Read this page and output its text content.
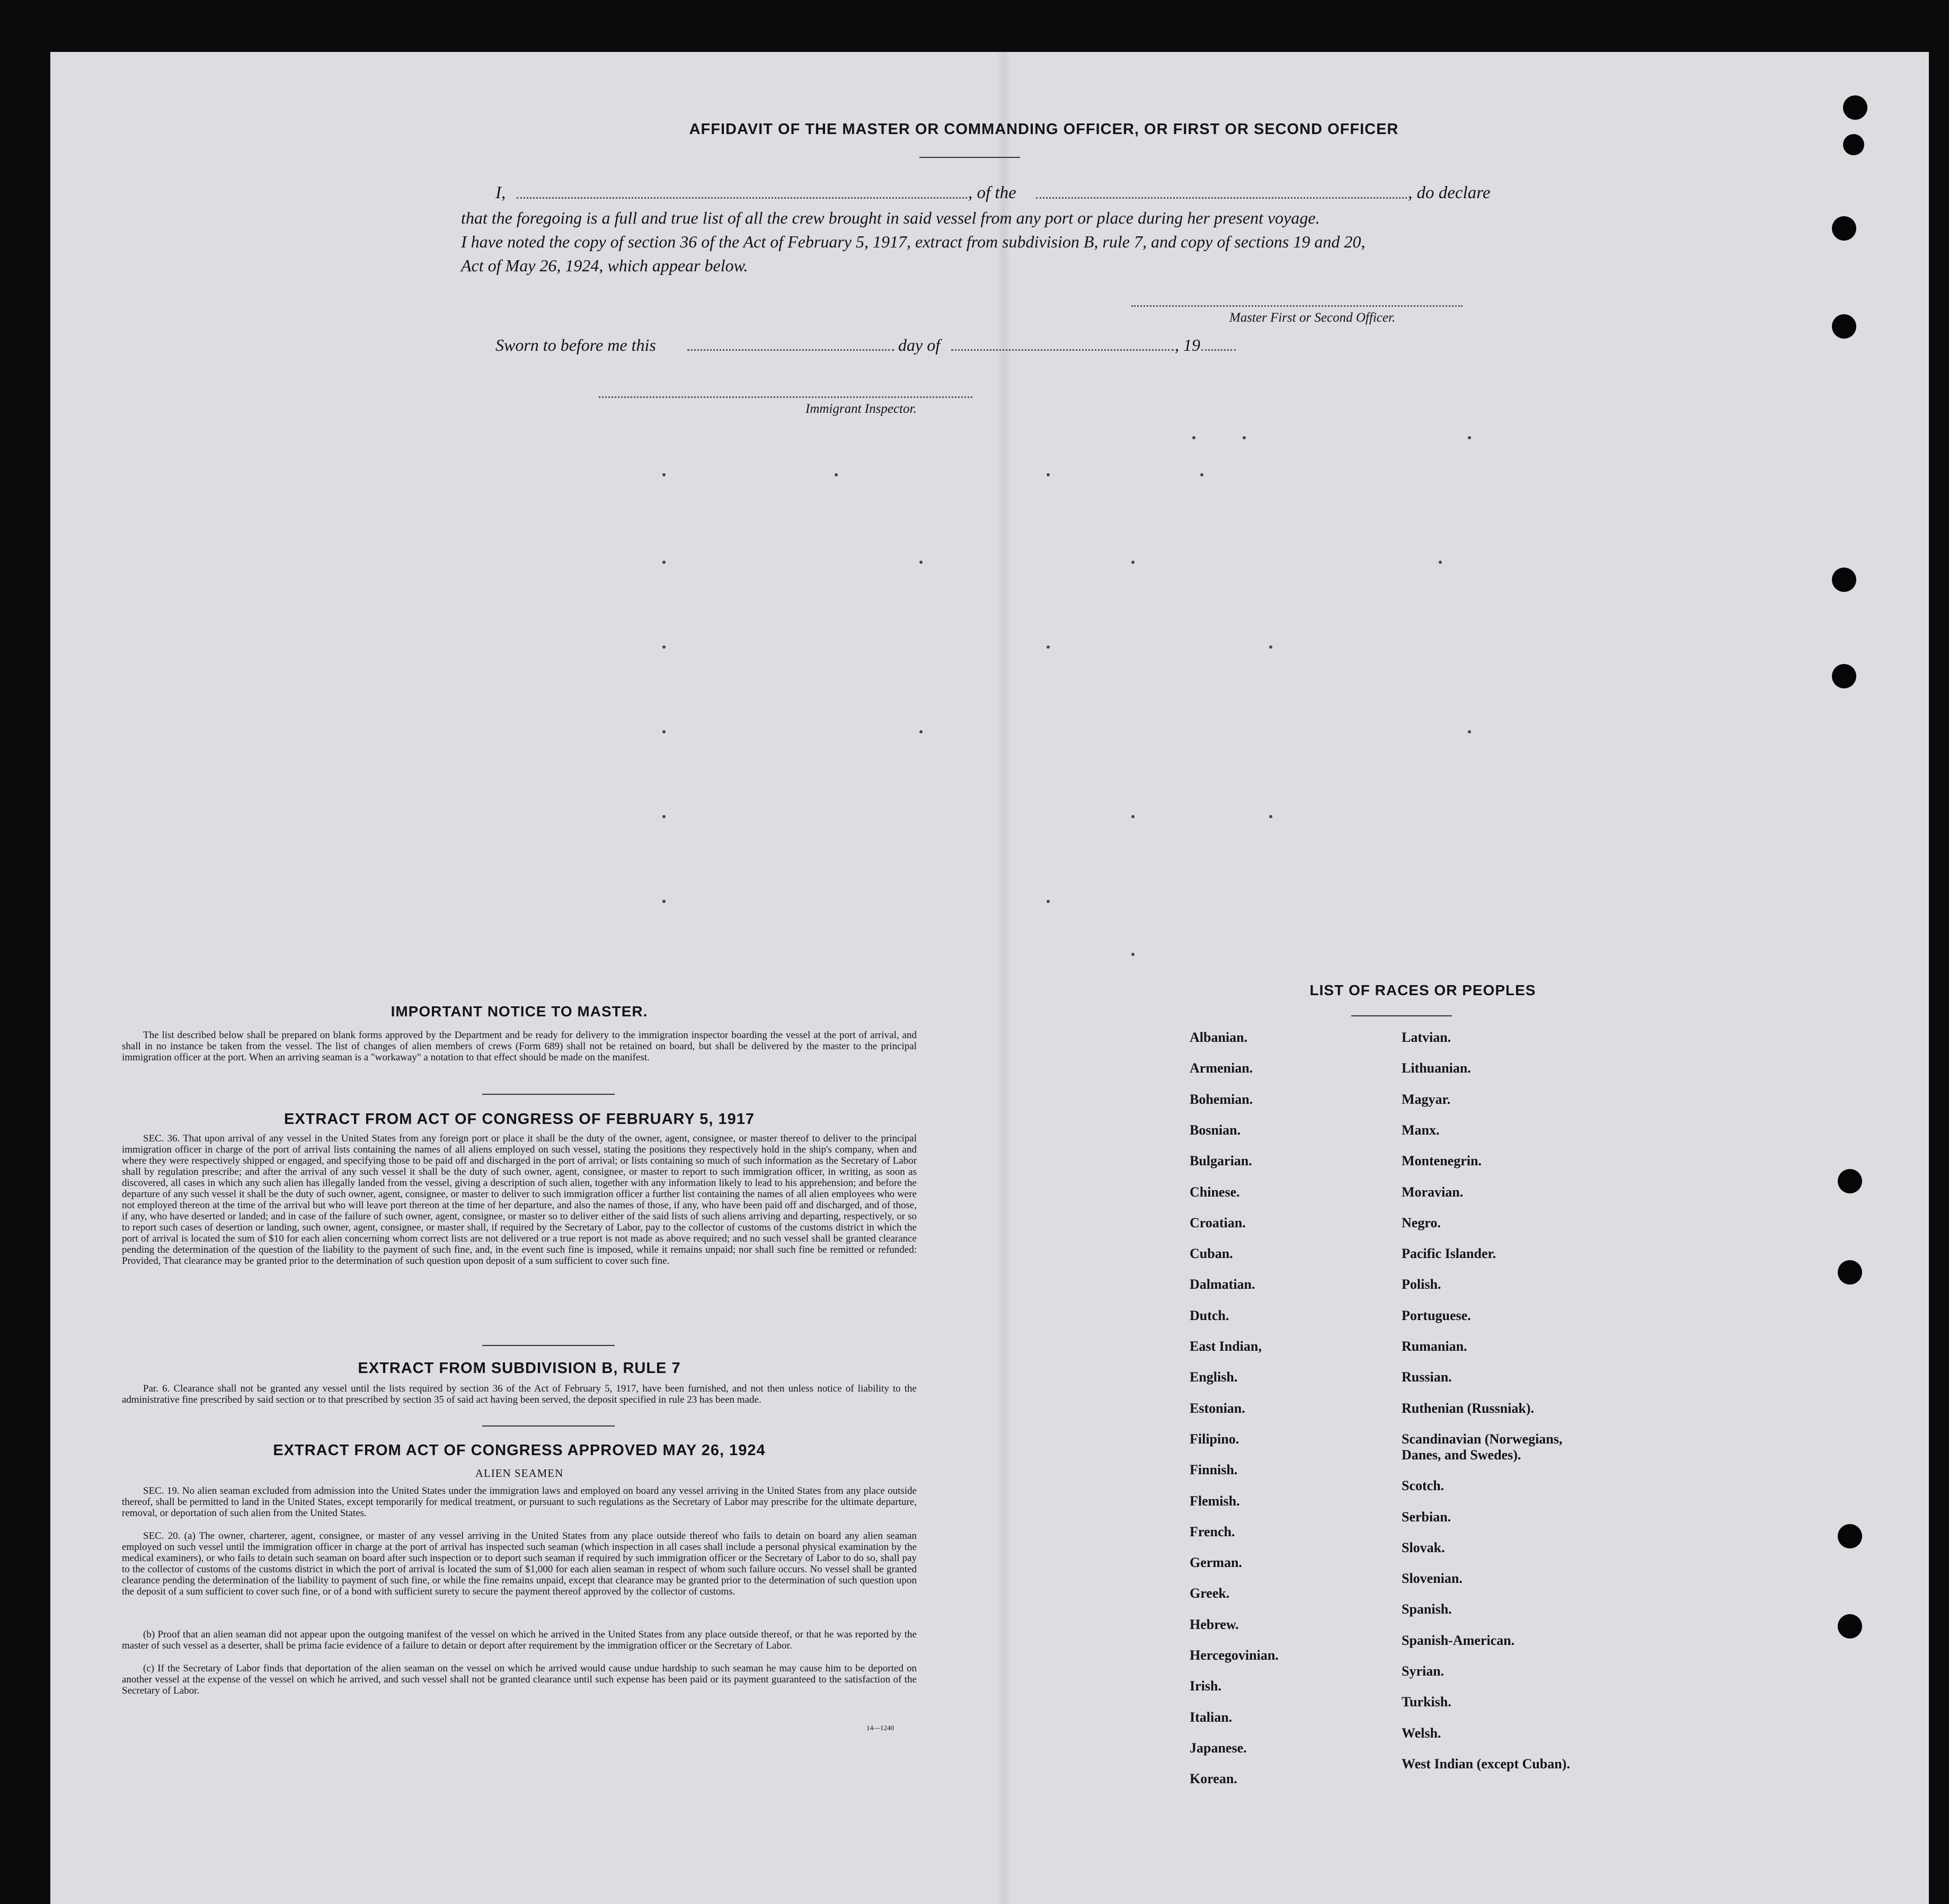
AFFIDAVIT OF THE MASTER OR COMMANDING OFFICER, OR FIRST OR SECOND OFFICER
I,	, of the	, do declare
that the foregoing is a full and true list of all the crew brought in said vessel from any port or place during her present voyage.
I have noted the copy of section 36 of the Act of February 5, 1917, extract from subdivision B, rule 7, and copy of sections 19 and 20,
Act of May 26, 1924, which appear below.
Master First or Second Officer.
Sworn to before me this	day of	, 19
Immigrant Inspector.
IMPORTANT NOTICE TO MASTER.
The list described below shall be prepared on blank forms approved by the Department and be ready for delivery to the immigration inspector boarding the vessel at the port of arrival, and shall in no instance be taken from the vessel. The list of changes of alien members of crews (Form 689) shall not be retained on board, but shall be delivered by the master to the principal immigration officer at the port. When an arriving seaman is a "workaway" a notation to that effect should be made on the manifest.
EXTRACT FROM ACT OF CONGRESS OF FEBRUARY 5, 1917
SEC. 36. That upon arrival of any vessel in the United States from any foreign port or place it shall be the duty of the owner, agent, consignee, or master thereof to deliver to the principal immigration officer in charge of the port of arrival lists containing the names of all aliens employed on such vessel, stating the positions they respectively hold in the ship's company, when and where they were respectively shipped or engaged, and specifying those to be paid off and discharged in the port of arrival; or lists containing so much of such information as the Secretary of Labor shall by regulation prescribe; and after the arrival of any such vessel it shall be the duty of such owner, agent, consignee, or master to report to such immigration officer, in writing, as soon as discovered, all cases in which any such alien has illegally landed from the vessel, giving a description of such alien, together with any information likely to lead to his apprehension; and before the departure of any such vessel it shall be the duty of such owner, agent, consignee, or master to deliver to such immigration officer a further list containing the names of all alien employees who were not employed thereon at the time of the arrival but who will leave port thereon at the time of her departure, and also the names of those, if any, who have been paid off and discharged, and of those, if any, who have deserted or landed; and in case of the failure of such owner, agent, consignee, or master so to deliver either of the said lists of such aliens arriving and departing, respectively, or so to report such cases of desertion or landing, such owner, agent, consignee, or master shall, if required by the Secretary of Labor, pay to the collector of customs of the customs district in which the port of arrival is located the sum of $10 for each alien concerning whom correct lists are not delivered or a true report is not made as above required; and no such vessel shall be granted clearance pending the determination of the question of the liability to the payment of such fine, and, in the event such fine is imposed, while it remains unpaid; nor shall such fine be remitted or refunded: Provided, That clearance may be granted prior to the determination of such question upon deposit of a sum sufficient to cover such fine.
EXTRACT FROM SUBDIVISION B, RULE 7
Par. 6. Clearance shall not be granted any vessel until the lists required by section 36 of the Act of February 5, 1917, have been furnished, and not then unless notice of liability to the administrative fine prescribed by said section or to that prescribed by section 35 of said act having been served, the deposit specified in rule 23 has been made.
EXTRACT FROM ACT OF CONGRESS APPROVED MAY 26, 1924
ALIEN SEAMEN
SEC. 19. No alien seaman excluded from admission into the United States under the immigration laws and employed on board any vessel arriving in the United States from any place outside thereof, shall be permitted to land in the United States, except temporarily for medical treatment, or pursuant to such regulations as the Secretary of Labor may prescribe for the ultimate departure, removal, or deportation of such alien from the United States.
SEC. 20. (a) The owner, charterer, agent, consignee, or master of any vessel arriving in the United States from any place outside thereof who fails to detain on board any alien seaman employed on such vessel until the immigration officer in charge at the port of arrival has inspected such seaman (which inspection in all cases shall include a personal physical examination by the medical examiners), or who fails to detain such seaman on board after such inspection or to deport such seaman if required by such immigration officer or the Secretary of Labor to do so, shall pay to the collector of customs of the customs district in which the port of arrival is located the sum of $1,000 for each alien seaman in respect of whom such failure occurs. No vessel shall be granted clearance pending the determination of the liability to payment of such fine, or while the fine remains unpaid, except that clearance may be granted prior to the determination of such question upon the deposit of a sum sufficient to cover such fine, or of a bond with sufficient surety to secure the payment thereof approved by the collector of customs.
(b) Proof that an alien seaman did not appear upon the outgoing manifest of the vessel on which he arrived in the United States from any place outside thereof, or that he was reported by the master of such vessel as a deserter, shall be prima facie evidence of a failure to detain or deport after requirement by the immigration officer or the Secretary of Labor.
(c) If the Secretary of Labor finds that deportation of the alien seaman on the vessel on which he arrived would cause undue hardship to such seaman he may cause him to be deported on another vessel at the expense of the vessel on which he arrived, and such vessel shall not be granted clearance until such expense has been paid or its payment guaranteed to the satisfaction of the Secretary of Labor.
14—1240
LIST OF RACES OR PEOPLES
Albanian.
Armenian.
Bohemian.
Bosnian.
Bulgarian.
Chinese.
Croatian.
Cuban.
Dalmatian.
Dutch.
East Indian,
English.
Estonian.
Filipino.
Finnish.
Flemish.
French.
German.
Greek.
Hebrew.
Hercegovinian.
Irish.
Italian.
Japanese.
Korean.
Latvian.
Lithuanian.
Magyar.
Manx.
Montenegrin.
Moravian.
Negro.
Pacific Islander.
Polish.
Portuguese.
Rumanian.
Russian.
Ruthenian (Russniak).
Scandinavian (Norwegians,
Danes, and Swedes).
Scotch.
Serbian.
Slovak.
Slovenian.
Spanish.
Spanish-American.
Syrian.
Turkish.
Welsh.
West Indian (except Cuban).
